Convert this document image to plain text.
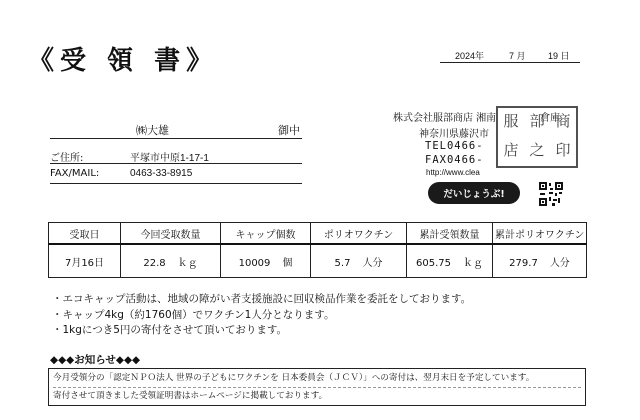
《受 領 書》	2024年	7 月 19 日
㈱大雄	御中
ご住所:	平塚市中原1-17-1
FAX/MAIL:	0463-33-8915
株式会社服部商店 湘南	倉庫
神奈川県藤沢市
TEL0466-
FAX0466-
http://www.clea
服 部 商
店 之 印
だいじょうぶ!
受取日	今回受取数量	キャップ個数	ポリオワクチン	累計受領数量	累計ポリオワクチン
7月16日	22.8 ｋｇ	10009 個	5.7 人分	605.75 ｋｇ	279.7 人分
・エコキャップ活動は、地域の障がい者支援施設に回収検品作業を委託をしております。
・キャップ4kg（約1760個）でワクチン1人分となります。
・1kgにつき5円の寄付をさせて頂いております。
◆◆◆お知らせ◆◆◆
今月受領分の「認定ＮＰＯ法人 世界の子どもにワクチンを 日本委員会（ＪＣＶ）」への寄付は、翌月末日を予定しています。
寄付させて頂きました受領証明書はホームページに掲載しております。
